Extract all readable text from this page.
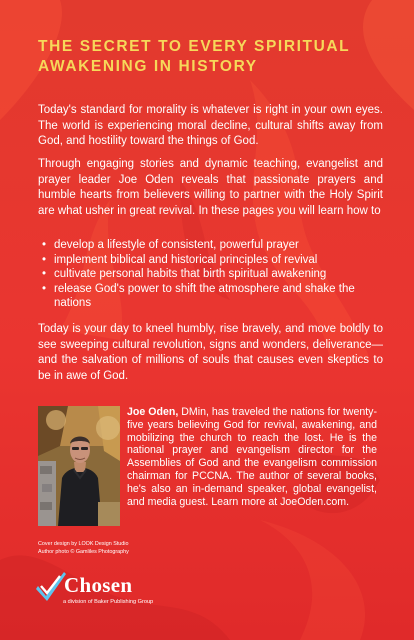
THE SECRET TO EVERY SPIRITUAL
AWAKENING IN HISTORY

Today's standard for morality is whatever is right in your own eyes. The world is experiencing moral decline, cultural shifts away from God, and hostility toward the things of God.

Through engaging stories and dynamic teaching, evangelist and prayer leader Joe Oden reveals that passionate prayers and humble hearts from believers willing to partner with the Holy Spirit are what usher in great revival. In these pages you will learn how to

• develop a lifestyle of consistent, powerful prayer
• implement biblical and historical principles of revival
• cultivate personal habits that birth spiritual awakening
• release God's power to shift the atmosphere and shake the nations

Today is your day to kneel humbly, rise bravely, and move boldly to see sweeping cultural revolution, signs and wonders, deliverance—and the salvation of millions of souls that causes even skeptics to be in awe of God.

Joe Oden, DMin, has traveled the nations for twenty-five years believing God for revival, awakening, and mobilizing the church to reach the lost. He is the national prayer and evangelism director for the Assemblies of God and the evangelism commission chairman for PCCNA. The author of several books, he's also an in-demand speaker, global evangelist, and media guest. Learn more at JoeOden.com.

Cover design by LOOK Design Studio
Author photo © Gamliles Photography
Chosen
a division of Baker Publishing Group
